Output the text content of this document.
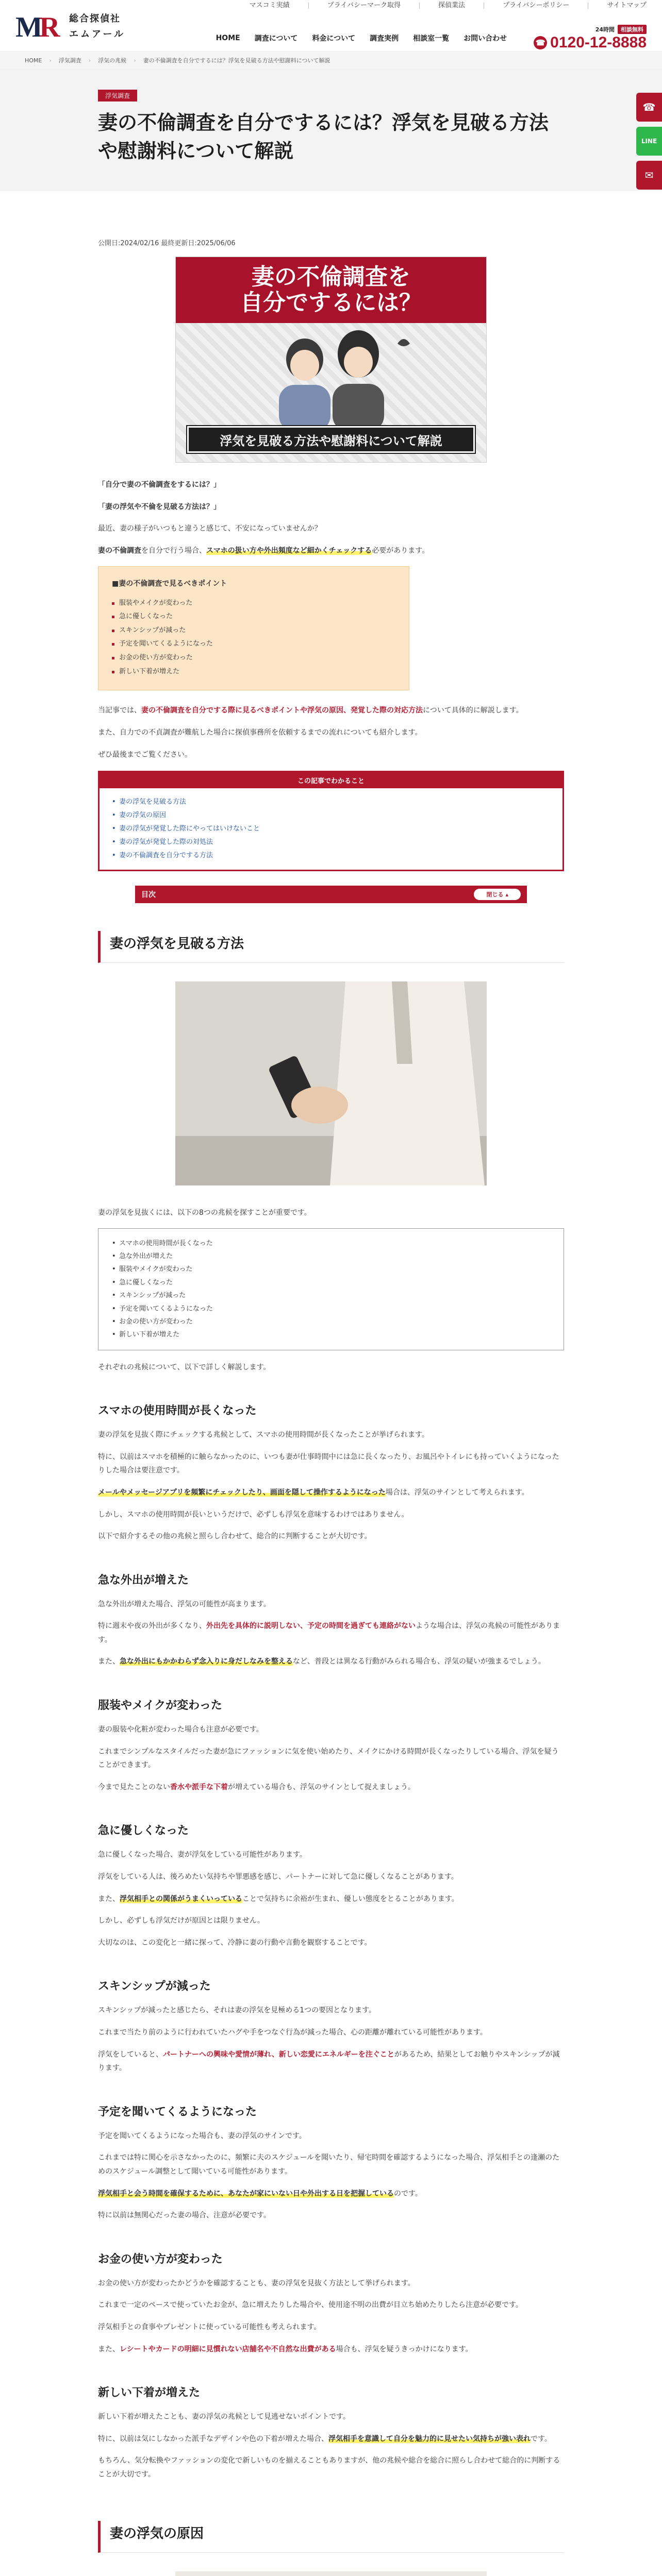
M
R 総合探偵社
エムアール
マスコミ実績	プライバシーマーク取得	探偵業法	プライバシーポリシー	サイトマップ
HOME 調査について 料金について 調査実例 相談室一覧 お問い合わせ
24時間	相談無料
☎ 0120-12-8888
HOME › 浮気調査 › 浮気の兆候 › 妻の不倫調査を自分でするには？浮気を見破る方法や慰謝料について解説
浮気調査
妻の不倫調査を自分でするには？浮気を見破る方法や慰謝料について解説
☎
LINE
✉
公開日:2024/02/16 最終更新日:2025/06/06
妻の不倫調査を
自分でするには？
浮気を見破る方法や慰謝料について解説

「自分で妻の不倫調査をするには？」

「妻の浮気や不倫を見破る方法は？」

最近、妻の様子がいつもと違うと感じて、不安になっていませんか？

妻の不倫調査を自分で行う場合、スマホの扱い方や外出頻度など細かくチェックする必要があります。

■妻の不倫調査で見るべきポイント
服装やメイクが変わった
急に優しくなった
スキンシップが減った
予定を聞いてくるようになった
お金の使い方が変わった
新しい下着が増えた

当記事では、妻の不倫調査を自分でする際に見るべきポイントや浮気の原因、発覚した際の対応方法について具体的に解説します。

また、自力での不貞調査が難航した場合に探偵事務所を依頼するまでの流れについても紹介します。

ぜひ最後までご覧ください。

この記事でわかること
• 妻の浮気を見破る方法
• 妻の浮気の原因
• 妻の浮気が発覚した際にやってはいけないこと
• 妻の浮気が発覚した際の対処法
• 妻の不倫調査を自分でする方法
目次	閉じる ▴
妻の浮気を見破る方法

妻の浮気を見抜くには、以下の8つの兆候を探すことが重要です。

• スマホの使用時間が長くなった
• 急な外出が増えた
• 服装やメイクが変わった
• 急に優しくなった
• スキンシップが減った
• 予定を聞いてくるようになった
• お金の使い方が変わった
• 新しい下着が増えた

それぞれの兆候について、以下で詳しく解説します。

スマホの使用時間が長くなった

妻の浮気を見抜く際にチェックする兆候として、スマホの使用時間が長くなったことが挙げられます。

特に、以前はスマホを積極的に触らなかったのに、いつも妻が仕事時間中には急に長くなったり、お風呂やトイレにも持っていくようになったりした場合は要注意です。

メールやメッセージアプリを頻繁にチェックしたり、画面を隠して操作するようになった場合は、浮気のサインとして考えられます。

しかし、スマホの使用時間が長いというだけで、必ずしも浮気を意味するわけではありません。

以下で紹介するその他の兆候と照らし合わせて、総合的に判断することが大切です。

急な外出が増えた

急な外出が増えた場合、浮気の可能性が高まります。

特に週末や夜の外出が多くなり、外出先を具体的に説明しない、予定の時間を過ぎても連絡がないような場合は、浮気の兆候の可能性があります。

また、急な外出にもかかわらず念入りに身だしなみを整えるなど、普段とは異なる行動がみられる場合も、浮気の疑いが強まるでしょう。

服装やメイクが変わった

妻の服装や化粧が変わった場合も注意が必要です。

これまでシンプルなスタイルだった妻が急にファッションに気を使い始めたり、メイクにかける時間が長くなったりしている場合、浮気を疑うことができます。

今まで見たことのない香水や派手な下着が増えている場合も、浮気のサインとして捉えましょう。

急に優しくなった

急に優しくなった場合、妻が浮気をしている可能性があります。

浮気をしている人は、後ろめたい気持ちや罪悪感を感じ、パートナーに対して急に優しくなることがあります。

また、浮気相手との関係がうまくいっていることで気持ちに余裕が生まれ、優しい態度をとることがあります。

しかし、必ずしも浮気だけが原因とは限りません。

大切なのは、この変化と一緒に探って、冷静に妻の行動や言動を観察することです。

スキンシップが減った

スキンシップが減ったと感じたら、それは妻の浮気を見極める1つの要因となります。

これまで当たり前のように行われていたハグや手をつなぐ行為が減った場合、心の距離が離れている可能性があります。

浮気をしていると、パートナーへの興味や愛情が薄れ、新しい恋愛にエネルギーを注ぐことがあるため、結果としてお触りやスキンシップが減ります。

予定を聞いてくるようになった

予定を聞いてくるようになった場合も、妻の浮気のサインです。

これまでは特に関心を示さなかったのに、頻繁に夫のスケジュールを聞いたり、帰宅時間を確認するようになった場合、浮気相手との逢瀬のためのスケジュール調整として聞いている可能性があります。

浮気相手と会う時間を確保するために、あなたが家にいない日や外出する日を把握しているのです。

特に以前は無関心だった妻の場合、注意が必要です。

お金の使い方が変わった

お金の使い方が変わったかどうかを確認することも、妻の浮気を見抜く方法として挙げられます。

これまで一定のペースで使っていたお金が、急に増えたりした場合や、使用途不明の出費が目立ち始めたりしたら注意が必要です。

浮気相手との食事やプレゼントに使っている可能性も考えられます。

また、レシートやカードの明細に見慣れない店舗名や不自然な出費がある場合も、浮気を疑うきっかけになります。

新しい下着が増えた

新しい下着が増えたことも、妻の浮気の兆候として見逃せないポイントです。

特に、以前は気にしなかった派手なデザインや色の下着が増えた場合、浮気相手を意識して自分を魅力的に見せたい気持ちが強い表れです。

もちろん、気分転換やファッションの変化で新しいものを揃えることもありますが、他の兆候や総合を総合に照らし合わせて総合的に判断することが大切です。

妻の浮気の原因
